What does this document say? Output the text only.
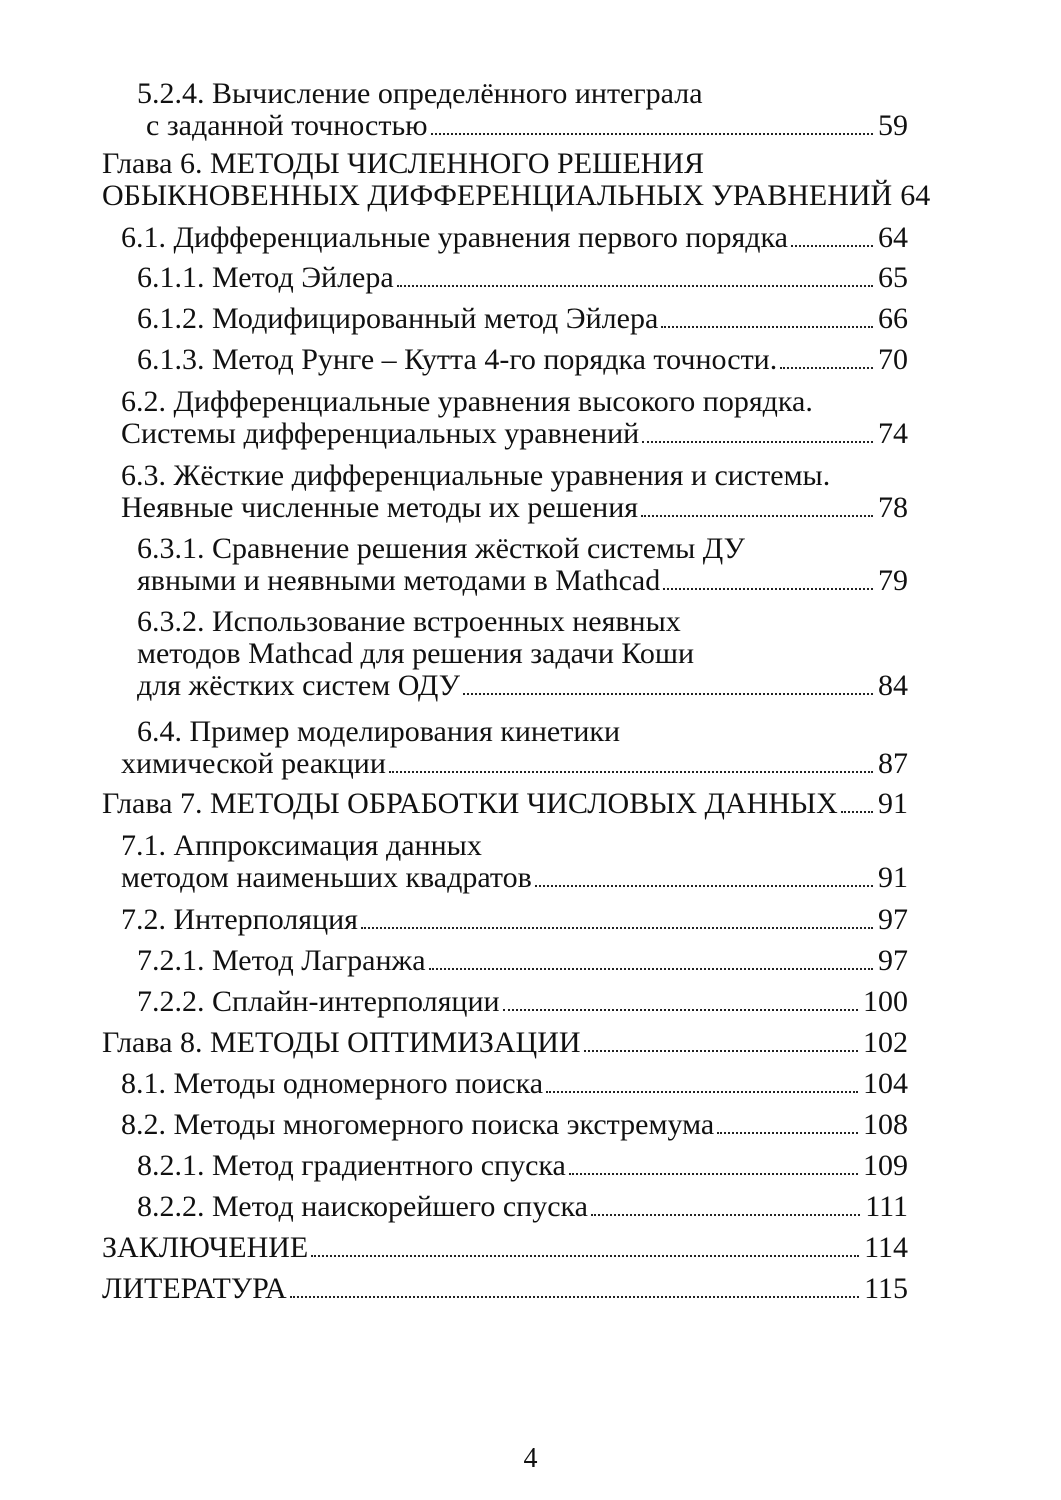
5.2.4. Вычисление определённого интеграла
с заданной точностью	59
Глава 6. МЕТОДЫ ЧИСЛЕННОГО РЕШЕНИЯ
ОБЫКНОВЕННЫХ ДИФФЕРЕНЦИАЛЬНЫХ УРАВНЕНИЙ 64
6.1. Дифференциальные уравнения первого порядка	64
6.1.1. Метод Эйлера	65
6.1.2. Модифицированный метод Эйлера	66
6.1.3. Метод Рунге – Кутта 4-го порядка точности.	70
6.2. Дифференциальные уравнения высокого порядка.
Системы дифференциальных уравнений	74
6.3. Жёсткие дифференциальные уравнения и системы.
Неявные численные методы их решения	78
6.3.1. Сравнение решения жёсткой системы ДУ
явными и неявными методами в Mathcad	79
6.3.2. Использование встроенных неявных
методов Mathcad для решения задачи Коши
для жёстких систем ОДУ	84
6.4. Пример моделирования кинетики
химической реакции	87
Глава 7. МЕТОДЫ ОБРАБОТКИ ЧИСЛОВЫХ ДАННЫХ 91
7.1. Аппроксимация данных
методом наименьших квадратов	91
7.2. Интерполяция	97
7.2.1. Метод Лагранжа	97
7.2.2. Сплайн-интерполяции	100
Глава 8. МЕТОДЫ ОПТИМИЗАЦИИ	102
8.1. Методы одномерного поиска	104
8.2. Методы многомерного поиска экстремума	108
8.2.1. Метод градиентного спуска	109
8.2.2. Метод наискорейшего спуска	111
ЗАКЛЮЧЕНИЕ	114
ЛИТЕРАТУРА	115
4
